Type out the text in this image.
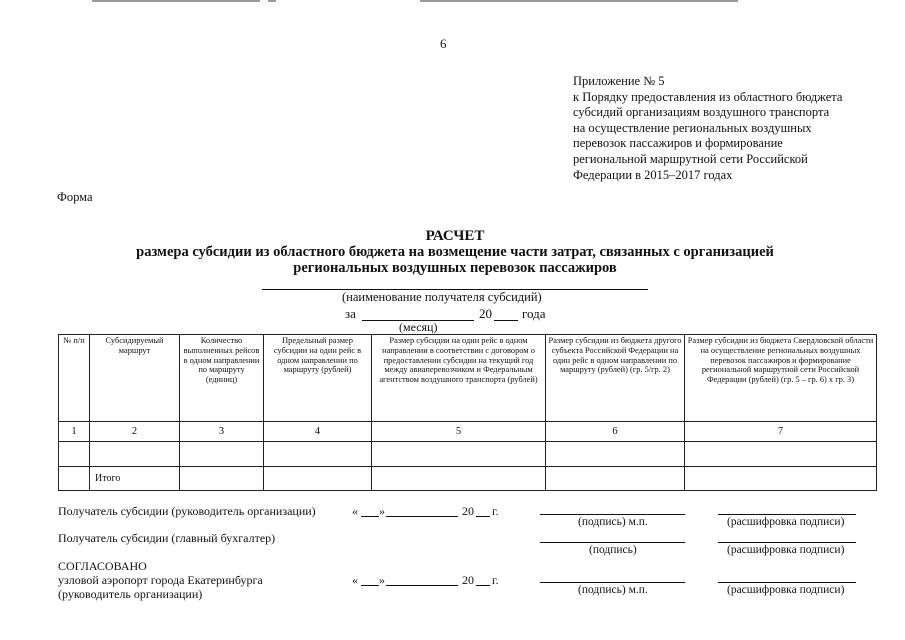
6
Приложение № 5
к Порядку предоставления из областного бюджета
субсидий организациям воздушного транспорта
на осуществление региональных воздушных
перевозок пассажиров и формирование
региональной маршрутной сети Российской
Федерации в 2015–2017 годах
Форма
РАСЧЕТ
размера субсидии из областного бюджета на возмещение части затрат, связанных с организацией
региональных воздушных перевозок пассажиров
(наименование получателя субсидий)
за	20 года
(месяц)
№ п/п	Субсидируемый маршрут	Количество выполненных рейсов в одном направлении по маршруту (единиц)	Предельный размер субсидии на один рейс в одном направлении по маршруту (рублей)	Размер субсидии на один рейс в одном направлении в соответствии с договором о предоставлении субсидии на текущий год между авиаперевозчиком и Федеральным агентством воздушного транспорта (рублей)	Размер субсидии из бюджета другого субъекта Российской Федерации на один рейс в одном направлении по маршруту (рублей) (гр. 5/гр. 2)	Размер субсидии из бюджета Свердловской области на осуществление региональных воздушных перевозок пассажиров и формирование региональной маршрутной сети Российской Федерации (рублей) (гр. 5 – гр. 6) x гр. 3)
1	2	3	4	5	6	7

	Итого					
Получатель субсидии (руководитель организации)	« »	20 г.
(подпись) м.п.	(расшифровка подписи)
Получатель субсидии (главный бухгалтер)
(подпись)	(расшифровка подписи)
СОГЛАСОВАНО
узловой аэропорт города Екатеринбурга
(руководитель организации)
« »	20 г.
(подпись) м.п.	(расшифровка подписи)
